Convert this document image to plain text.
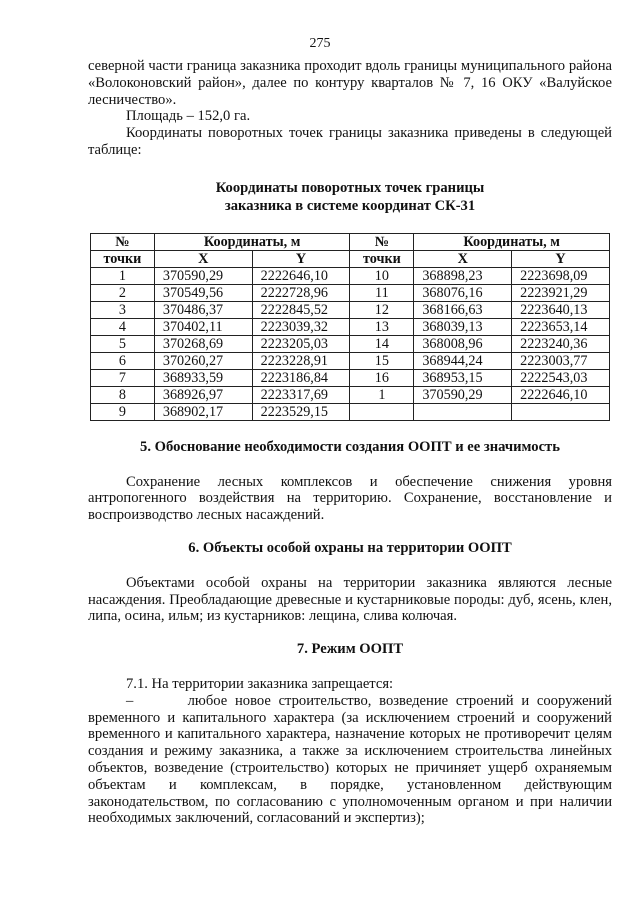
275

северной части граница заказника проходит вдоль границы муниципального района «Волоконовский район», далее по контуру кварталов № 7, 16 ОКУ «Валуйское лесничество».

Площадь – 152,0 га.

Координаты поворотных точек границы заказника приведены в следующей таблице:

Координаты поворотных точек границы
заказника в системе координат СК-31
№	Координаты, м		№	Координаты, м	
точки	X	Y	точки	X	Y
1	370590,29	2222646,10	10	368898,23	2223698,09
2	370549,56	2222728,96	11	368076,16	2223921,29
3	370486,37	2222845,52	12	368166,63	2223640,13
4	370402,11	2223039,32	13	368039,13	2223653,14
5	370268,69	2223205,03	14	368008,96	2223240,36
6	370260,27	2223228,91	15	368944,24	2223003,77
7	368933,59	2223186,84	16	368953,15	2222543,03
8	368926,97	2223317,69	1	370590,29	2222646,10
9	368902,17	2223529,15			
5. Обоснование необходимости создания ООПТ и ее значимость

Сохранение лесных комплексов и обеспечение снижения уровня антропогенного воздействия на территорию. Сохранение, восстановление и воспроизводство лесных насаждений.

6. Объекты особой охраны на территории ООПТ

Объектами особой охраны на территории заказника являются лесные насаждения. Преобладающие древесные и кустарниковые породы: дуб, ясень, клен, липа, осина, ильм; из кустарников: лещина, слива колючая.

7. Режим ООПТ

7.1. На территории заказника запрещается:

–       любое новое строительство, возведение строений и сооружений временного и капитального характера (за исключением строений и сооружений временного и капитального характера, назначение которых не противоречит целям создания и режиму заказника, а также за исключением строительства линейных объектов, возведение (строительство) которых не причиняет ущерб охраняемым объектам и комплексам, в порядке, установленном действующим законодательством, по согласованию с уполномоченным органом и при наличии необходимых заключений, согласований и экспертиз);
